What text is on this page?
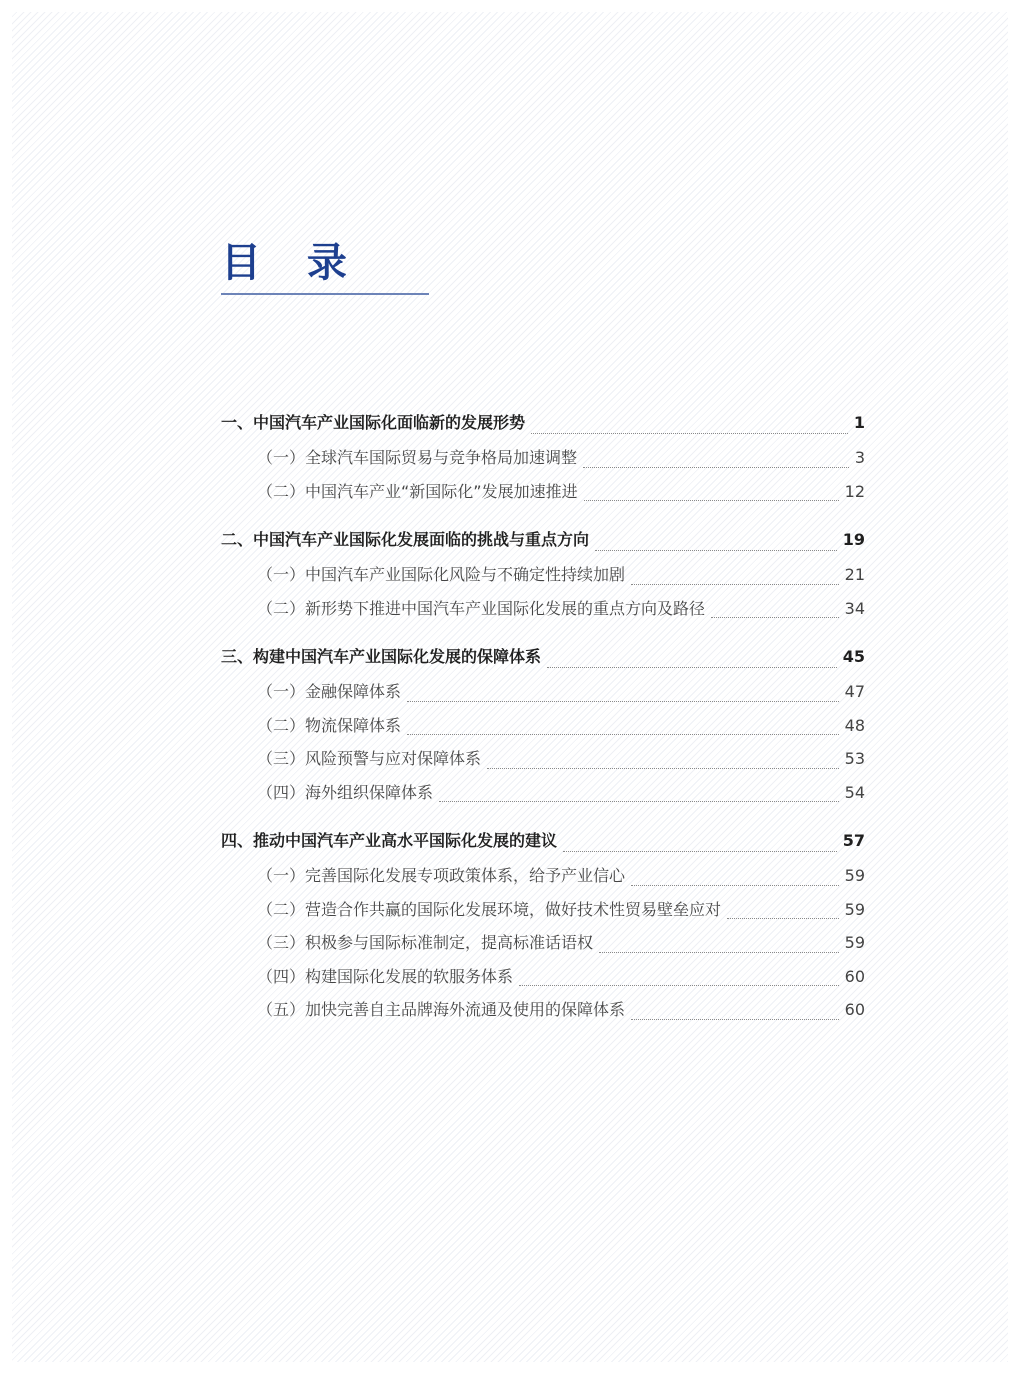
目 录
一、中国汽车产业国际化面临新的发展形势	1
（一）全球汽车国际贸易与竞争格局加速调整	3
（二）中国汽车产业“新国际化”发展加速推进	12
二、中国汽车产业国际化发展面临的挑战与重点方向	19
（一）中国汽车产业国际化风险与不确定性持续加剧	21
（二）新形势下推进中国汽车产业国际化发展的重点方向及路径	34
三、构建中国汽车产业国际化发展的保障体系	45
（一）金融保障体系	47
（二）物流保障体系	48
（三）风险预警与应对保障体系	53
（四）海外组织保障体系	54
四、推动中国汽车产业高水平国际化发展的建议	57
（一）完善国际化发展专项政策体系，给予产业信心	59
（二）营造合作共赢的国际化发展环境，做好技术性贸易壁垒应对	59
（三）积极参与国际标准制定，提高标准话语权	59
（四）构建国际化发展的软服务体系	60
（五）加快完善自主品牌海外流通及使用的保障体系	60
